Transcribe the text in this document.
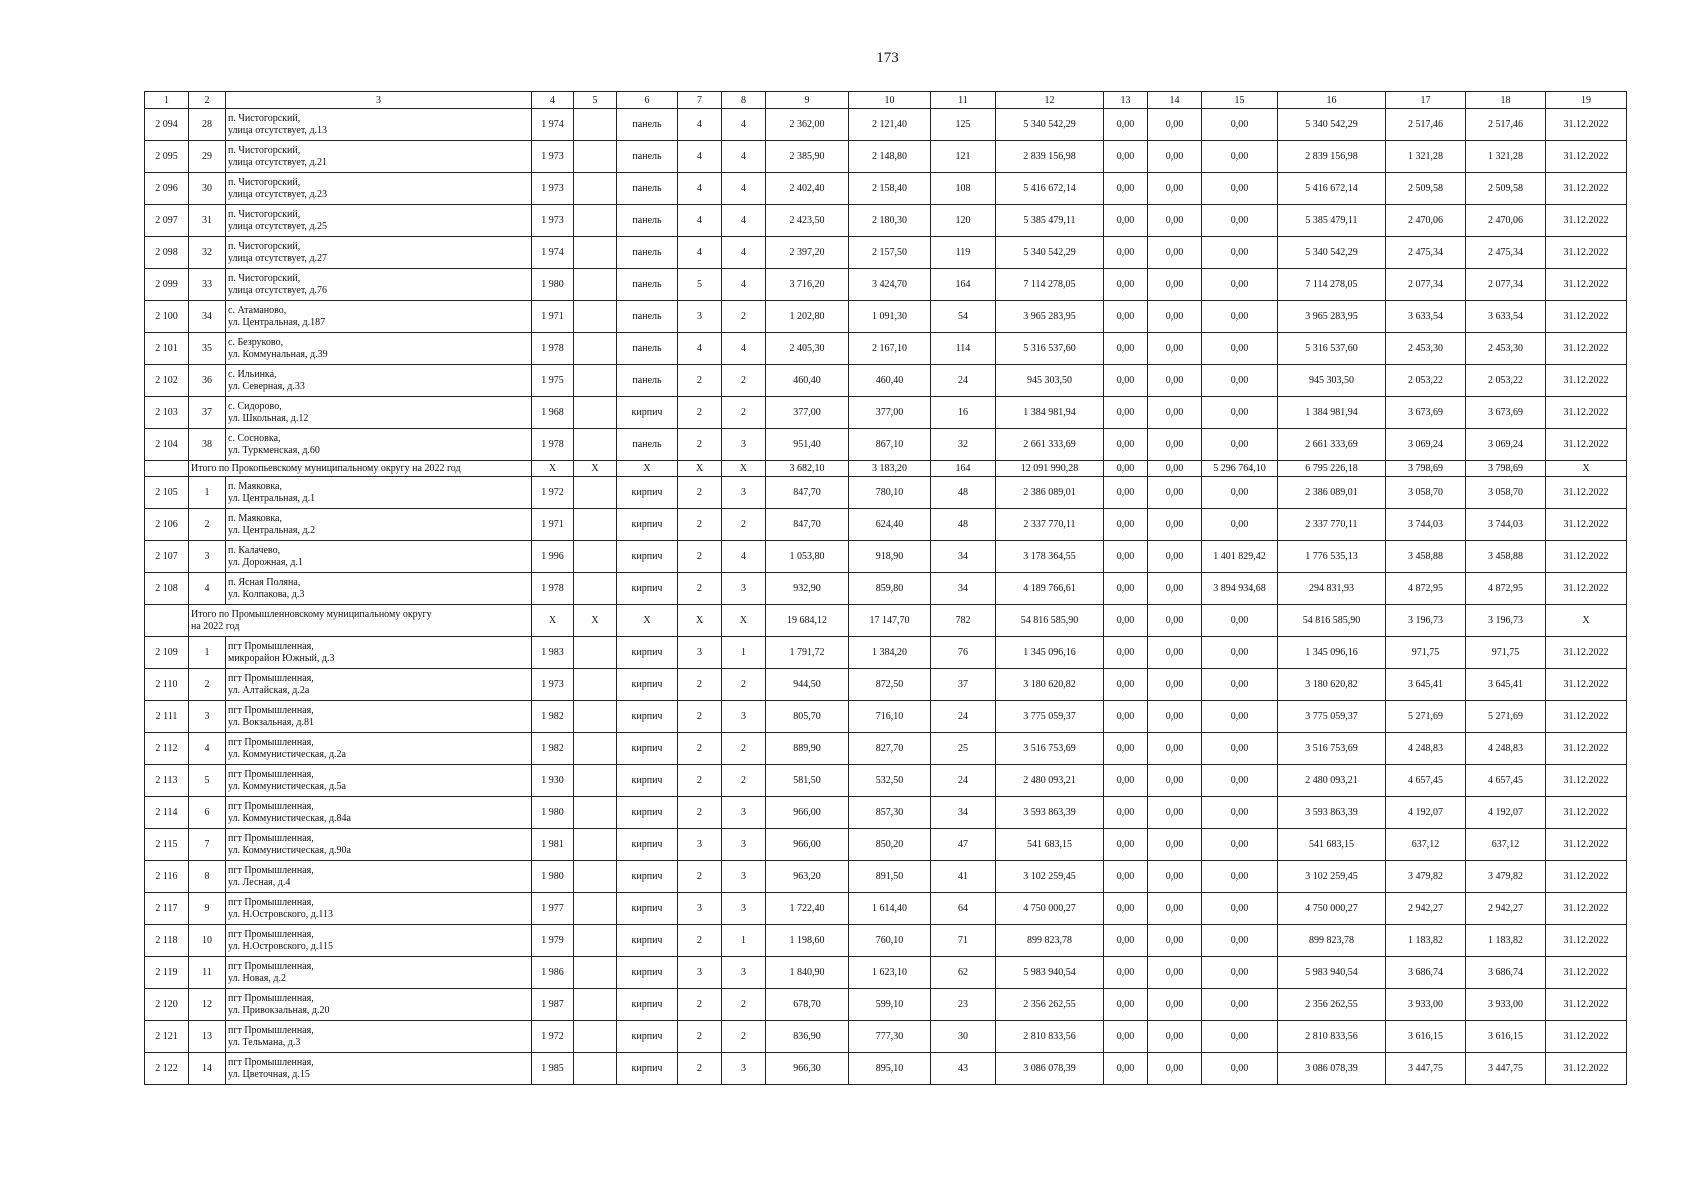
173
1	2	3	4	5	6	7	8	9	10	11	12	13	14	15	16	17	18	19
2 094	28	п. Чистогорский,
улица отсутствует, д.13	1 974		панель	4	4	2 362,00	2 121,40	125	5 340 542,29	0,00	0,00	0,00	5 340 542,29	2 517,46	2 517,46	31.12.2022
2 095	29	п. Чистогорский,
улица отсутствует, д.21	1 973		панель	4	4	2 385,90	2 148,80	121	2 839 156,98	0,00	0,00	0,00	2 839 156,98	1 321,28	1 321,28	31.12.2022
2 096	30	п. Чистогорский,
улица отсутствует, д.23	1 973		панель	4	4	2 402,40	2 158,40	108	5 416 672,14	0,00	0,00	0,00	5 416 672,14	2 509,58	2 509,58	31.12.2022
2 097	31	п. Чистогорский,
улица отсутствует, д.25	1 973		панель	4	4	2 423,50	2 180,30	120	5 385 479,11	0,00	0,00	0,00	5 385 479,11	2 470,06	2 470,06	31.12.2022
2 098	32	п. Чистогорский,
улица отсутствует, д.27	1 974		панель	4	4	2 397,20	2 157,50	119	5 340 542,29	0,00	0,00	0,00	5 340 542,29	2 475,34	2 475,34	31.12.2022
2 099	33	п. Чистогорский,
улица отсутствует, д.76	1 980		панель	5	4	3 716,20	3 424,70	164	7 114 278,05	0,00	0,00	0,00	7 114 278,05	2 077,34	2 077,34	31.12.2022
2 100	34	с. Атаманово,
ул. Центральная, д.187	1 971		панель	3	2	1 202,80	1 091,30	54	3 965 283,95	0,00	0,00	0,00	3 965 283,95	3 633,54	3 633,54	31.12.2022
2 101	35	с. Безруково,
ул. Коммунальная, д.39	1 978		панель	4	4	2 405,30	2 167,10	114	5 316 537,60	0,00	0,00	0,00	5 316 537,60	2 453,30	2 453,30	31.12.2022
2 102	36	с. Ильинка,
ул. Северная, д.33	1 975		панель	2	2	460,40	460,40	24	945 303,50	0,00	0,00	0,00	945 303,50	2 053,22	2 053,22	31.12.2022
2 103	37	с. Сидорово,
ул. Школьная, д.12	1 968		кирпич	2	2	377,00	377,00	16	1 384 981,94	0,00	0,00	0,00	1 384 981,94	3 673,69	3 673,69	31.12.2022
2 104	38	с. Сосновка,
ул. Туркменская, д.60	1 978		панель	2	3	951,40	867,10	32	2 661 333,69	0,00	0,00	0,00	2 661 333,69	3 069,24	3 069,24	31.12.2022
	Итого по Прокопьевскому муниципальному округу на 2022 год		X	X	X	X	X	3 682,10	3 183,20	164	12 091 990,28	0,00	0,00	5 296 764,10	6 795 226,18	3 798,69	3 798,69	X
2 105	1	п. Маяковка,
ул. Центральная, д.1	1 972		кирпич	2	3	847,70	780,10	48	2 386 089,01	0,00	0,00	0,00	2 386 089,01	3 058,70	3 058,70	31.12.2022
2 106	2	п. Маяковка,
ул. Центральная, д.2	1 971		кирпич	2	2	847,70	624,40	48	2 337 770,11	0,00	0,00	0,00	2 337 770,11	3 744,03	3 744,03	31.12.2022
2 107	3	п. Калачево,
ул. Дорожная, д.1	1 996		кирпич	2	4	1 053,80	918,90	34	3 178 364,55	0,00	0,00	1 401 829,42	1 776 535,13	3 458,88	3 458,88	31.12.2022
2 108	4	п. Ясная Поляна,
ул. Колпакова, д.3	1 978		кирпич	2	3	932,90	859,80	34	4 189 766,61	0,00	0,00	3 894 934,68	294 831,93	4 872,95	4 872,95	31.12.2022
	Итого по Промышленновскому муниципальному округу
на 2022 год		X	X	X	X	X	19 684,12	17 147,70	782	54 816 585,90	0,00	0,00	0,00	54 816 585,90	3 196,73	3 196,73	X
2 109	1	пгт Промышленная,
микрорайон Южный, д.3	1 983		кирпич	3	1	1 791,72	1 384,20	76	1 345 096,16	0,00	0,00	0,00	1 345 096,16	971,75	971,75	31.12.2022
2 110	2	пгт Промышленная,
ул. Алтайская, д.2а	1 973		кирпич	2	2	944,50	872,50	37	3 180 620,82	0,00	0,00	0,00	3 180 620,82	3 645,41	3 645,41	31.12.2022
2 111	3	пгт Промышленная,
ул. Вокзальная, д.81	1 982		кирпич	2	3	805,70	716,10	24	3 775 059,37	0,00	0,00	0,00	3 775 059,37	5 271,69	5 271,69	31.12.2022
2 112	4	пгт Промышленная,
ул. Коммунистическая, д.2а	1 982		кирпич	2	2	889,90	827,70	25	3 516 753,69	0,00	0,00	0,00	3 516 753,69	4 248,83	4 248,83	31.12.2022
2 113	5	пгт Промышленная,
ул. Коммунистическая, д.5а	1 930		кирпич	2	2	581,50	532,50	24	2 480 093,21	0,00	0,00	0,00	2 480 093,21	4 657,45	4 657,45	31.12.2022
2 114	6	пгт Промышленная,
ул. Коммунистическая, д.84а	1 980		кирпич	2	3	966,00	857,30	34	3 593 863,39	0,00	0,00	0,00	3 593 863,39	4 192,07	4 192,07	31.12.2022
2 115	7	пгт Промышленная,
ул. Коммунистическая, д.90а	1 981		кирпич	3	3	966,00	850,20	47	541 683,15	0,00	0,00	0,00	541 683,15	637,12	637,12	31.12.2022
2 116	8	пгт Промышленная,
ул. Лесная, д.4	1 980		кирпич	2	3	963,20	891,50	41	3 102 259,45	0,00	0,00	0,00	3 102 259,45	3 479,82	3 479,82	31.12.2022
2 117	9	пгт Промышленная,
ул. Н.Островского, д.113	1 977		кирпич	3	3	1 722,40	1 614,40	64	4 750 000,27	0,00	0,00	0,00	4 750 000,27	2 942,27	2 942,27	31.12.2022
2 118	10	пгт Промышленная,
ул. Н.Островского, д.115	1 979		кирпич	2	1	1 198,60	760,10	71	899 823,78	0,00	0,00	0,00	899 823,78	1 183,82	1 183,82	31.12.2022
2 119	11	пгт Промышленная,
ул. Новая, д.2	1 986		кирпич	3	3	1 840,90	1 623,10	62	5 983 940,54	0,00	0,00	0,00	5 983 940,54	3 686,74	3 686,74	31.12.2022
2 120	12	пгт Промышленная,
ул. Привокзальная, д.20	1 987		кирпич	2	2	678,70	599,10	23	2 356 262,55	0,00	0,00	0,00	2 356 262,55	3 933,00	3 933,00	31.12.2022
2 121	13	пгт Промышленная,
ул. Тельмана, д.3	1 972		кирпич	2	2	836,90	777,30	30	2 810 833,56	0,00	0,00	0,00	2 810 833,56	3 616,15	3 616,15	31.12.2022
2 122	14	пгт Промышленная,
ул. Цветочная, д.15	1 985		кирпич	2	3	966,30	895,10	43	3 086 078,39	0,00	0,00	0,00	3 086 078,39	3 447,75	3 447,75	31.12.2022
